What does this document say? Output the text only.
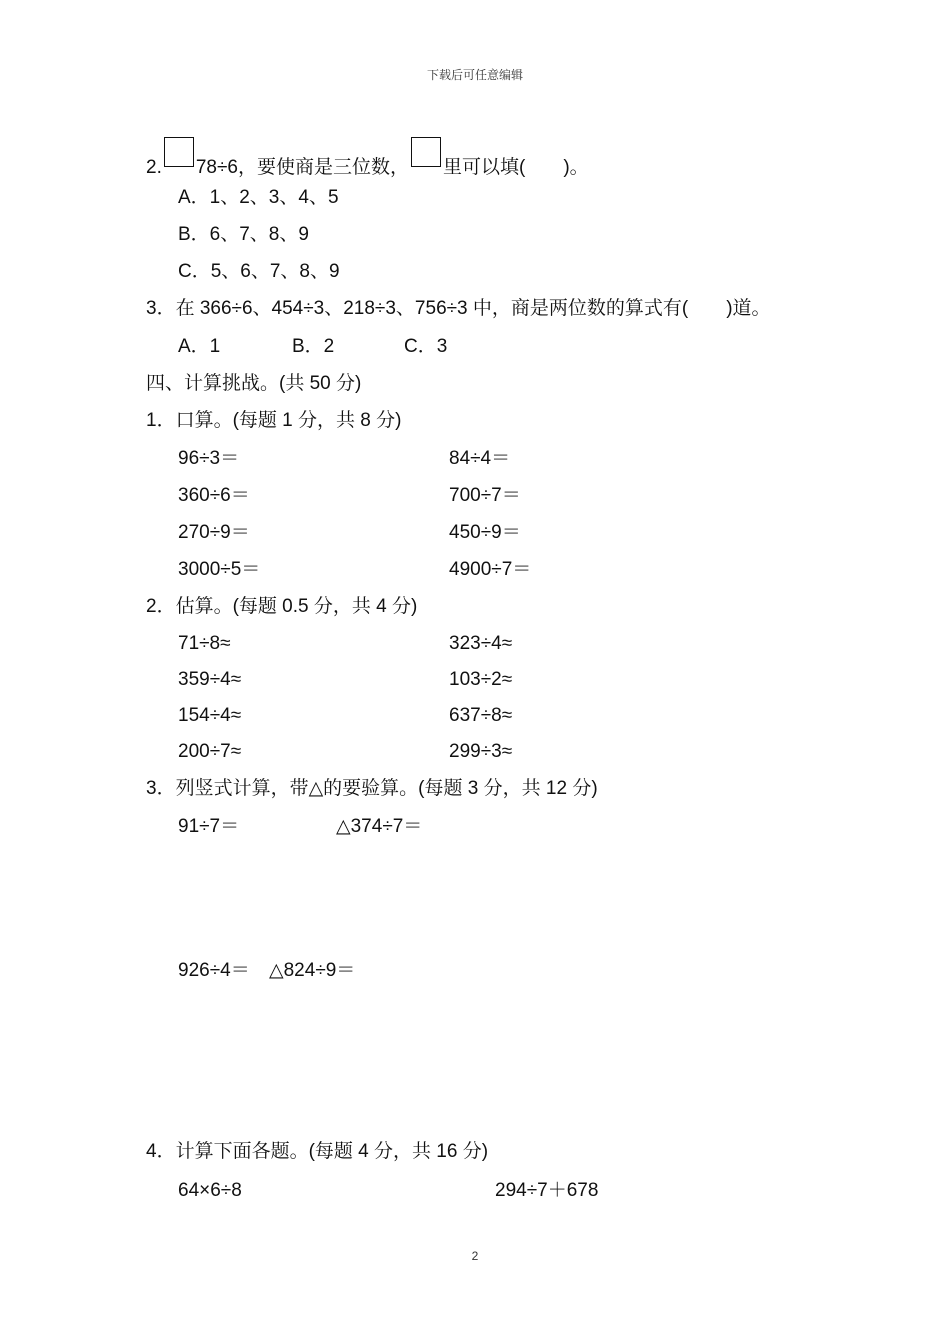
下载后可任意编辑
2. 78÷6，要使商是三位数， 里可以填(　　)。
A．1、2、3、4、5
B．6、7、8、9
C．5、6、7、8、9
3．在 366÷6、454÷3、218÷3、756÷3 中，商是两位数的算式有(　　)道。
A．1	B．2	C．3
四、计算挑战。(共 50 分)
1．口算。(每题 1 分，共 8 分)
96÷3＝	84÷4＝
360÷6＝	700÷7＝
270÷9＝	450÷9＝
3000÷5＝	4900÷7＝
2．估算。(每题 0.5 分，共 4 分)
71÷8≈	323÷4≈
359÷4≈	103÷2≈
154÷4≈	637÷8≈
200÷7≈	299÷3≈
3．列竖式计算，带△的要验算。(每题 3 分，共 12 分)
91÷7＝	△374÷7＝
926÷4＝ △824÷9＝
4．计算下面各题。(每题 4 分，共 16 分)
64×6÷8	294÷7＋678
2
